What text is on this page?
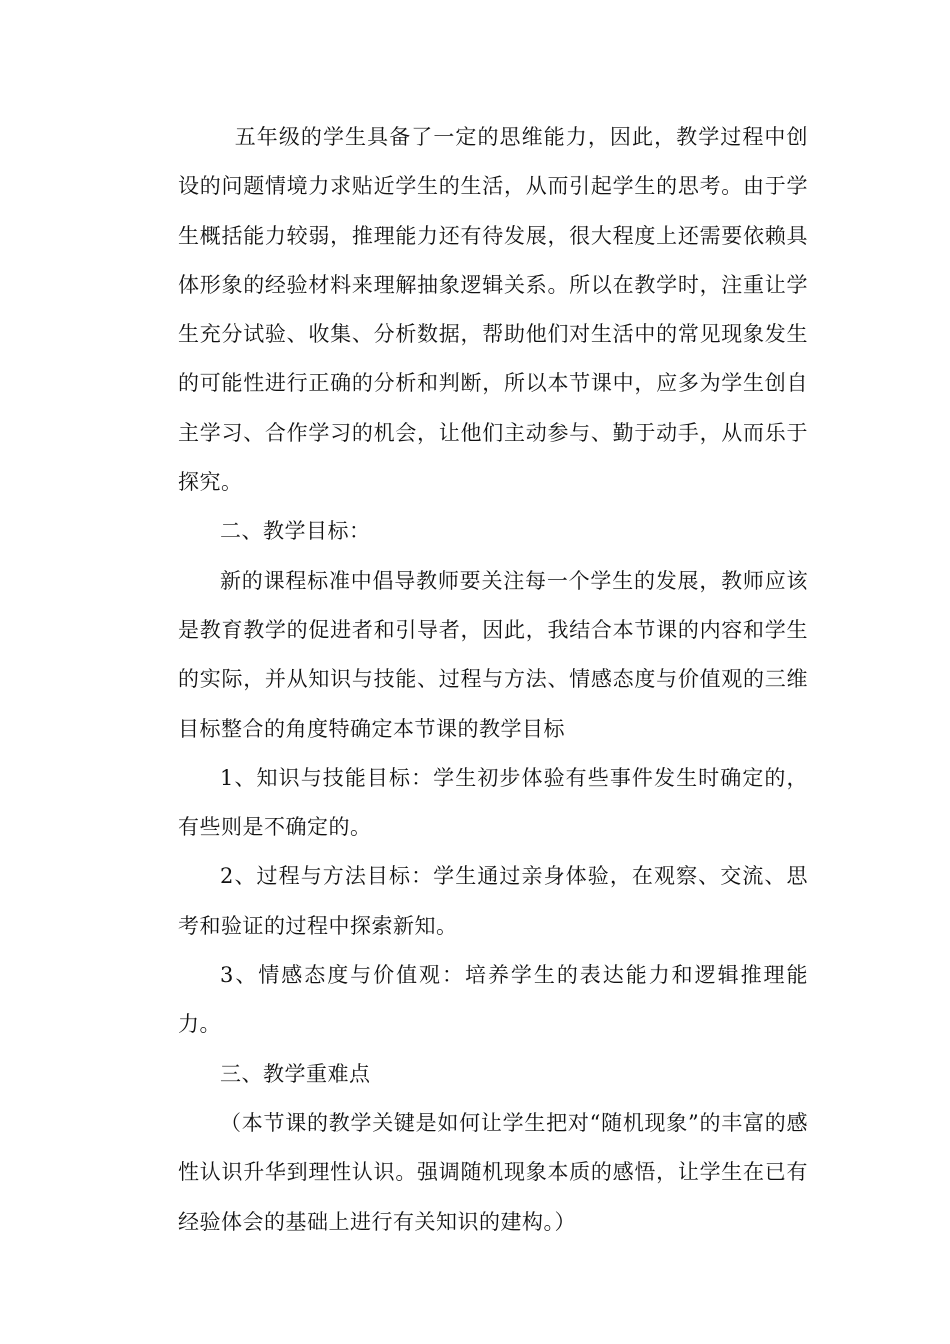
五年级的学生具备了一定的思维能力，因此，教学过程中创设的问题情境力求贴近学生的生活，从而引起学生的思考。由于学生概括能力较弱，推理能力还有待发展，很大程度上还需要依赖具体形象的经验材料来理解抽象逻辑关系。所以在教学时，注重让学生充分试验、收集、分析数据，帮助他们对生活中的常见现象发生的可能性进行正确的分析和判断，所以本节课中，应多为学生创自主学习、合作学习的机会，让他们主动参与、勤于动手，从而乐于探究。

二、教学目标：

新的课程标准中倡导教师要关注每一个学生的发展，教师应该是教育教学的促进者和引导者，因此，我结合本节课的内容和学生的实际，并从知识与技能、过程与方法、情感态度与价值观的三维目标整合的角度特确定本节课的教学目标

1、知识与技能目标：学生初步体验有些事件发生时确定的，有些则是不确定的。

2、过程与方法目标：学生通过亲身体验，在观察、交流、思考和验证的过程中探索新知。

3、情感态度与价值观：培养学生的表达能力和逻辑推理能力。

三、教学重难点

（本节课的教学关键是如何让学生把对“随机现象”的丰富的感性认识升华到理性认识。强调随机现象本质的感悟，让学生在已有经验体会的基础上进行有关知识的建构。）
